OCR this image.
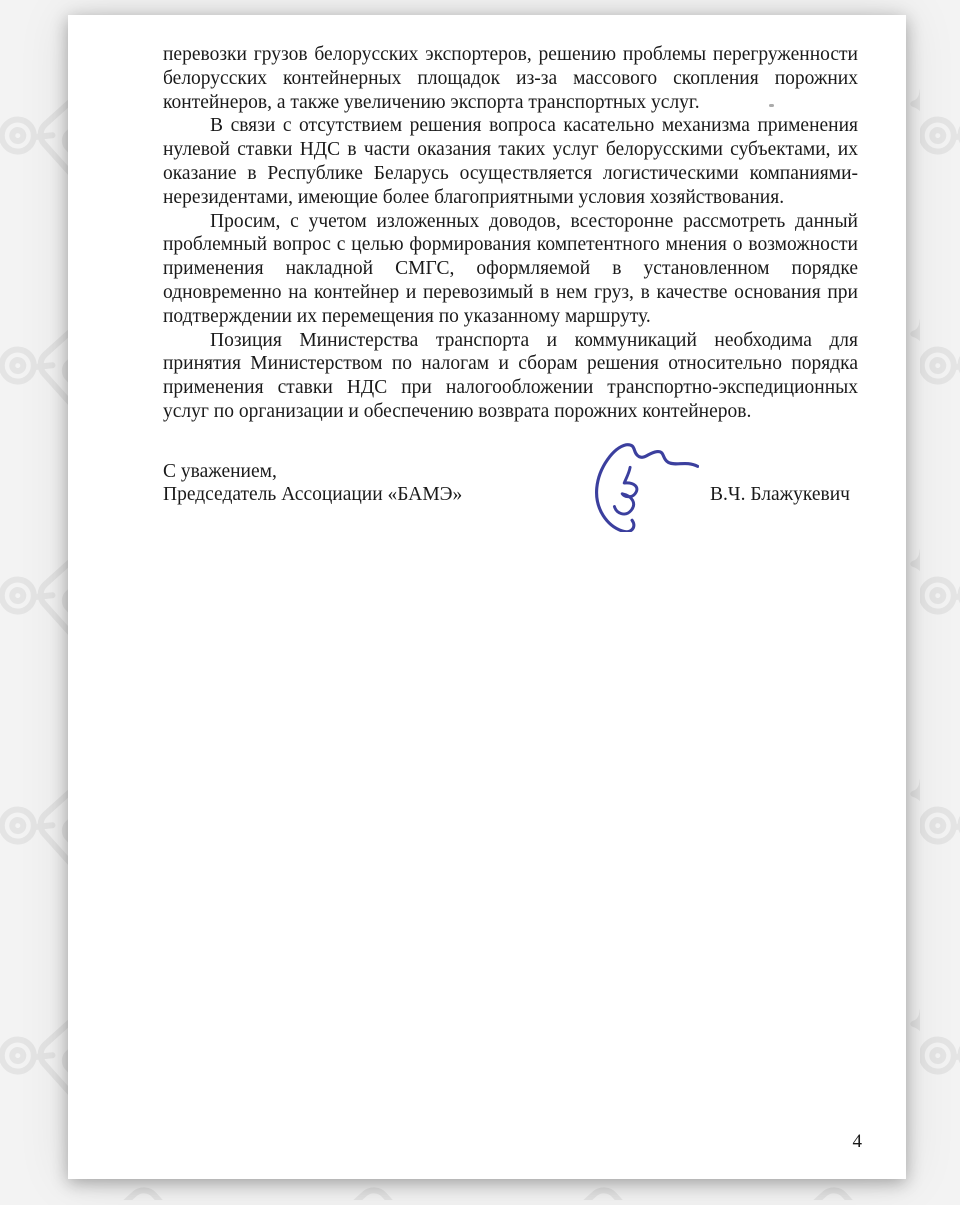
перевозки грузов белорусских экспортеров, решению проблемы перегруженности белорусских контейнерных площадок из-за массового скопления порожних контейнеров, а также увеличению экспорта транспортных услуг.

В связи с отсутствием решения вопроса касательно механизма применения нулевой ставки НДС в части оказания таких услуг белорусскими субъектами, их оказание в Республике Беларусь осуществляется логистическими компаниями-нерезидентами, имеющие более благоприятными условия хозяйствования.

Просим, с учетом изложенных доводов, всесторонне рассмотреть данный проблемный вопрос с целью формирования компетентного мнения о возможности применения накладной СМГС, оформляемой в установленном порядке одновременно на контейнер и перевозимый в нем груз, в качестве основания при подтверждении их перемещения по указанному маршруту.

Позиция Министерства транспорта и коммуникаций необходима для принятия Министерством по налогам и сборам решения относительно порядка применения ставки НДС при налогообложении транспортно-экспедиционных услуг по организации и обеспечению возврата порожних контейнеров.

С уважением,
Председатель Ассоциации «БАМЭ»	В.Ч. Блажукевич
4
